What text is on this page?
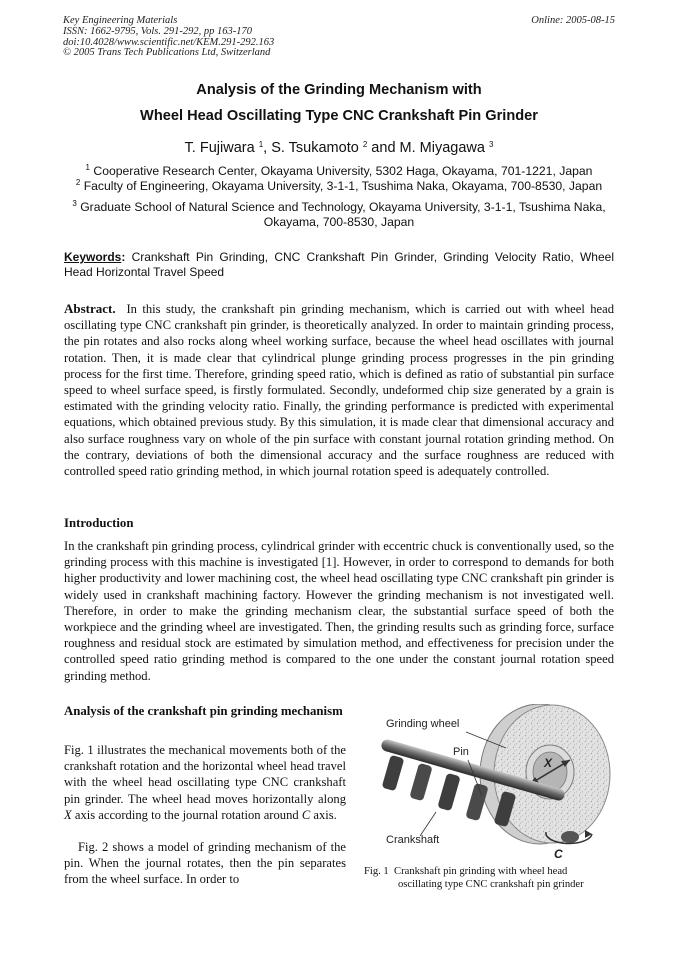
Key Engineering Materials
ISSN: 1662-9795, Vols. 291-292, pp 163-170
doi:10.4028/www.scientific.net/KEM.291-292.163
© 2005 Trans Tech Publications Ltd, Switzerland
Online: 2005-08-15
Analysis of the Grinding Mechanism with
Wheel Head Oscillating Type CNC Crankshaft Pin Grinder
T. Fujiwara $^1$, S. Tsukamoto $^2$ and M. Miyagawa $^3$
$^1$ Cooperative Research Center, Okayama University, 5302 Haga, Okayama, 701-1221, Japan
$^2$ Faculty of Engineering, Okayama University, 3-1-1, Tsushima Naka, Okayama, 700-8530, Japan
$^3$ Graduate School of Natural Science and Technology, Okayama University, 3-1-1, Tsushima Naka, Okayama, 700-8530, Japan
Keywords: Crankshaft Pin Grinding, CNC Crankshaft Pin Grinder, Grinding Velocity Ratio, Wheel Head Horizontal Travel Speed
Abstract. In this study, the crankshaft pin grinding mechanism, which is carried out with wheel head oscillating type CNC crankshaft pin grinder, is theoretically analyzed. In order to maintain grinding process, the pin rotates and also rocks along wheel working surface, because the wheel head oscillates with journal rotation. Then, it is made clear that cylindrical plunge grinding process progresses in the pin grinding process for the first time. Therefore, grinding speed ratio, which is defined as ratio of substantial pin surface speed to wheel surface speed, is firstly formulated. Secondly, undeformed chip size generated by a grain is estimated with the grinding velocity ratio. Finally, the grinding performance is predicted with experimental equations, which obtained previous study. By this simulation, it is made clear that dimensional accuracy and also surface roughness vary on whole of the pin surface with constant journal rotation grinding method. On the contrary, deviations of both the dimensional accuracy and the surface roughness are reduced with controlled speed ratio grinding method, in which journal rotation speed is adequately controlled.
Introduction
In the crankshaft pin grinding process, cylindrical grinder with eccentric chuck is conventionally used, so the grinding process with this machine is investigated [1]. However, in order to correspond to demands for both higher productivity and lower machining cost, the wheel head oscillating type CNC crankshaft pin grinder is widely used in crankshaft machining factory. However the grinding mechanism is not investigated well. Therefore, in order to make the grinding mechanism clear, the substantial surface speed of both the workpiece and the grinding wheel are investigated. Then, the grinding results such as grinding force, surface roughness and residual stock are estimated by simulation method, and effectiveness for precision under the controlled speed ratio grinding method is compared to the one under the constant journal rotation speed grinding method.
Analysis of the crankshaft pin grinding mechanism
Fig. 1 illustrates the mechanical movements both of the crankshaft rotation and the horizontal wheel head travel with the wheel head oscillating type CNC crankshaft pin grinder. The wheel head moves horizontally along X axis according to the journal rotation around C axis.
Fig. 2 shows a model of grinding mechanism of the pin. When the journal rotates, then the pin separates from the wheel surface. In order to
Grinding wheel
Pin
Crankshaft
X
C
Fig. 1 Crankshaft pin grinding with wheel head
oscillating type CNC crankshaft pin grinder
